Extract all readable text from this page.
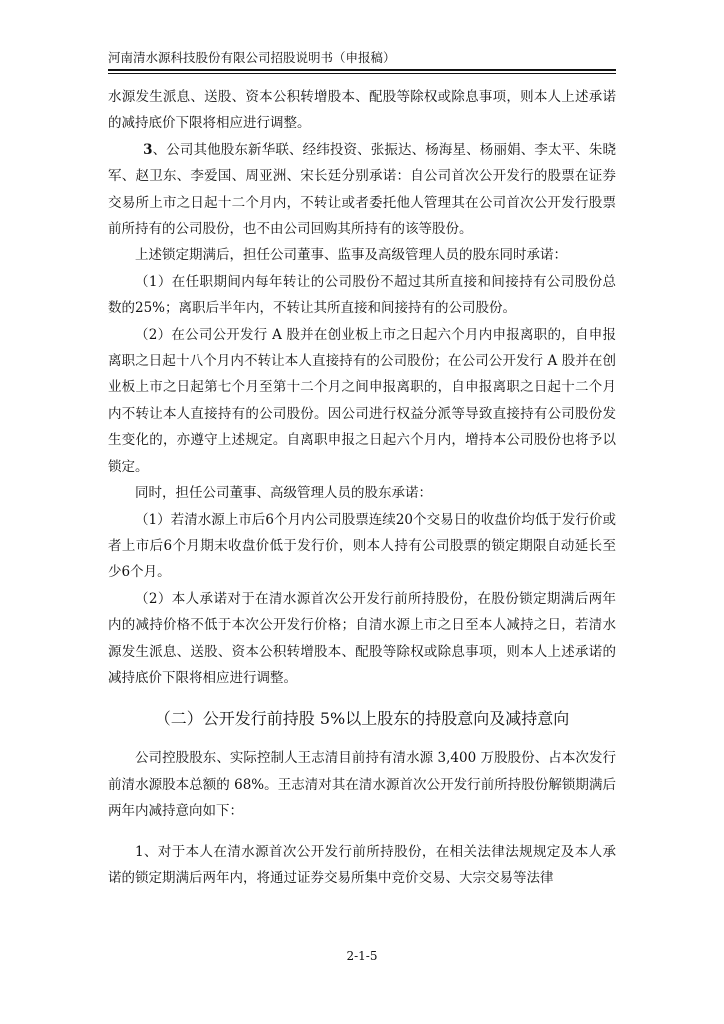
河南清水源科技股份有限公司招股说明书（申报稿）

水源发生派息、送股、资本公积转增股本、配股等除权或除息事项，则本人上述承诺的减持底价下限将相应进行调整。

3、公司其他股东新华联、经纬投资、张振达、杨海星、杨丽娟、李太平、朱晓军、赵卫东、李爱国、周亚洲、宋长廷分别承诺：自公司首次公开发行的股票在证券交易所上市之日起十二个月内，不转让或者委托他人管理其在公司首次公开发行股票前所持有的公司股份，也不由公司回购其所持有的该等股份。

上述锁定期满后，担任公司董事、监事及高级管理人员的股东同时承诺：

（1）在任职期间内每年转让的公司股份不超过其所直接和间接持有公司股份总数的25%；离职后半年内，不转让其所直接和间接持有的公司股份。

（2）在公司公开发行 A 股并在创业板上市之日起六个月内申报离职的，自申报离职之日起十八个月内不转让本人直接持有的公司股份；在公司公开发行 A 股并在创业板上市之日起第七个月至第十二个月之间申报离职的，自申报离职之日起十二个月内不转让本人直接持有的公司股份。因公司进行权益分派等导致直接持有公司股份发生变化的，亦遵守上述规定。自离职申报之日起六个月内，增持本公司股份也将予以锁定。

同时，担任公司董事、高级管理人员的股东承诺：

（1）若清水源上市后6个月内公司股票连续20个交易日的收盘价均低于发行价或者上市后6个月期末收盘价低于发行价，则本人持有公司股票的锁定期限自动延长至少6个月。

（2）本人承诺对于在清水源首次公开发行前所持股份，在股份锁定期满后两年内的减持价格不低于本次公开发行价格；自清水源上市之日至本人减持之日，若清水源发生派息、送股、资本公积转增股本、配股等除权或除息事项，则本人上述承诺的减持底价下限将相应进行调整。

（二）公开发行前持股 5%以上股东的持股意向及减持意向

公司控股股东、实际控制人王志清目前持有清水源 3,400 万股股份、占本次发行前清水源股本总额的 68%。王志清对其在清水源首次公开发行前所持股份解锁期满后两年内减持意向如下：

1、对于本人在清水源首次公开发行前所持股份，在相关法律法规规定及本人承诺的锁定期满后两年内，将通过证券交易所集中竞价交易、大宗交易等法律

2-1-5
